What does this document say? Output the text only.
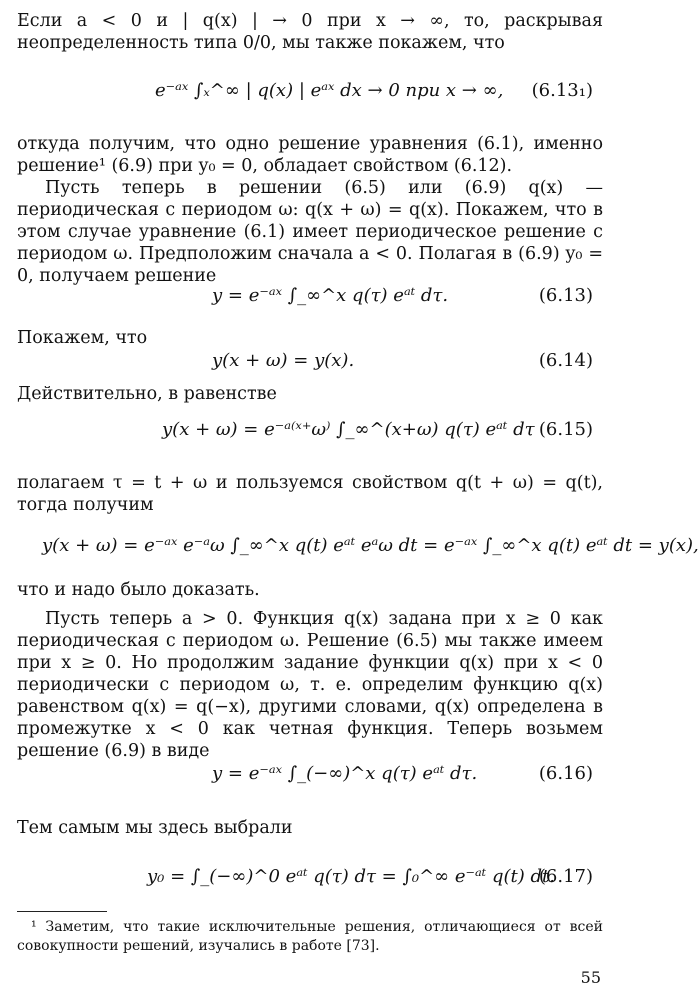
Если a < 0 и | q(x) | → 0 при x → ∞, то, раскрывая неопределенность типа 0/0, мы также покажем, что
e⁻ᵃˣ ∫ₓ^∞ | q(x) | eᵃˣ dx → 0 при x → ∞, (6.13₁)
откуда получим, что одно решение уравнения (6.1), именно решение¹ (6.9) при y₀ = 0, обладает свойством (6.12).
Пусть теперь в решении (6.5) или (6.9) q(x) — периодическая с периодом ω: q(x + ω) = q(x). Покажем, что в этом случае уравнение (6.1) имеет периодическое решение с периодом ω. Предположим сначала a < 0. Полагая в (6.9) y₀ = 0, получаем решение
y = e⁻ᵃˣ ∫_∞^x q(τ) eᵃᵗ dτ.	(6.13)
Покажем, что
y(x + ω) = y(x).	(6.14)
Действительно, в равенстве
y(x + ω) = e⁻ᵃ⁽ˣ⁺ω⁾ ∫_∞^(x+ω) q(τ) eᵃᵗ dτ (6.15)
полагаем τ = t + ω и пользуемся свойством q(t + ω) = q(t), тогда получим
y(x + ω) = e⁻ᵃˣ e⁻ᵃω ∫_∞^x q(t) eᵃᵗ eᵃω dt = e⁻ᵃˣ ∫_∞^x q(t) eᵃᵗ dt = y(x),
что и надо было доказать.
Пусть теперь a > 0. Функция q(x) задана при x ≥ 0 как периодическая с периодом ω. Решение (6.5) мы также имеем при x ≥ 0. Но продолжим задание функции q(x) при x < 0 периодически с периодом ω, т. е. определим функцию q(x) равенством q(x) = q(−x), другими словами, q(x) определена в промежутке x < 0 как четная функция. Теперь возьмем решение (6.9) в виде
y = e⁻ᵃˣ ∫_(−∞)^x q(τ) eᵃᵗ dτ.	(6.16)
Тем самым мы здесь выбрали
y₀ = ∫_(−∞)^0 eᵃᵗ q(τ) dτ = ∫₀^∞ e⁻ᵃᵗ q(t) dt.
(6.17)
¹ Заметим, что такие исключительные решения, отличающиеся от всей совокупности решений, изучались в работе [73].
55
